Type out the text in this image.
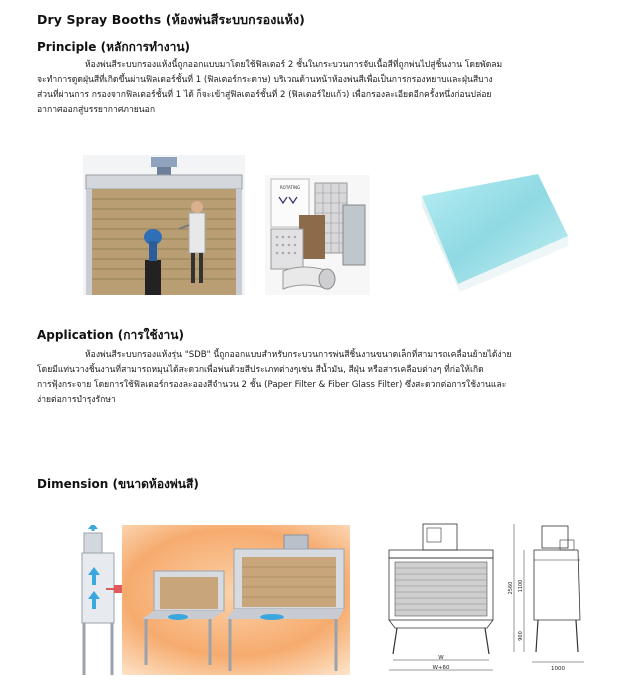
Dry Spray Booths (ห้องพ่นสีระบบกรองแห้ง)
Principle (หลักการทำงาน)
ห้องพ่นสีระบบกรองแห้งนี้ถูกออกแบบมาโดยใช้ฟิลเตอร์ 2 ชั้นในกระบวนการจับเนื้อสีที่ถูกพ่นไปสู่ชิ้นงาน โดยพัดลม
จะทำการดูดฝุ่นสีที่เกิดขึ้นผ่านฟิลเตอร์ชั้นที่ 1 (ฟิลเตอร์กระดาษ) บริเวณด้านหน้าห้องพ่นสีเพื่อเป็นการกรองหยาบและฝุ่นสีบาง
ส่วนที่ผ่านการ กรองจากฟิลเตอร์ชั้นที่ 1 ได้ ก็จะเข้าสู่ฟิลเตอร์ชั้นที่ 2 (ฟิลเตอร์ใยแก้ว) เพื่อกรองละเอียดอีกครั้งหนึ่งก่อนปล่อย
อากาศออกสู่บรรยากาศภายนอก
ROTATING
Application (การใช้งาน)
ห้องพ่นสีระบบกรองแห้งรุ่น "SDB" นี้ถูกออกแบบสำหรับกระบวนการพ่นสีชิ้นงานขนาดเล็กที่สามารถเคลื่อนย้ายได้ง่าย
โดยมีแท่นวางชิ้นงานที่สามารถหมุนได้สะดวกเพื่อพ่นด้วยสีประเภทต่างๆเช่น สีน้ำมัน, สีฝุ่น หรือสารเคลือบต่างๆ ที่ก่อให้เกิด
การฟุ้งกระจาย โดยการใช้ฟิลเตอร์กรองละอองสีจำนวน 2 ชั้น (Paper Filter & Fiber Glass Filter) ซึ่งสะดวกต่อการใช้งานและ
ง่ายต่อการบำรุงรักษา
Dimension (ขนาดห้องพ่นสี)
W
W+60
2560 1100
900
1000
